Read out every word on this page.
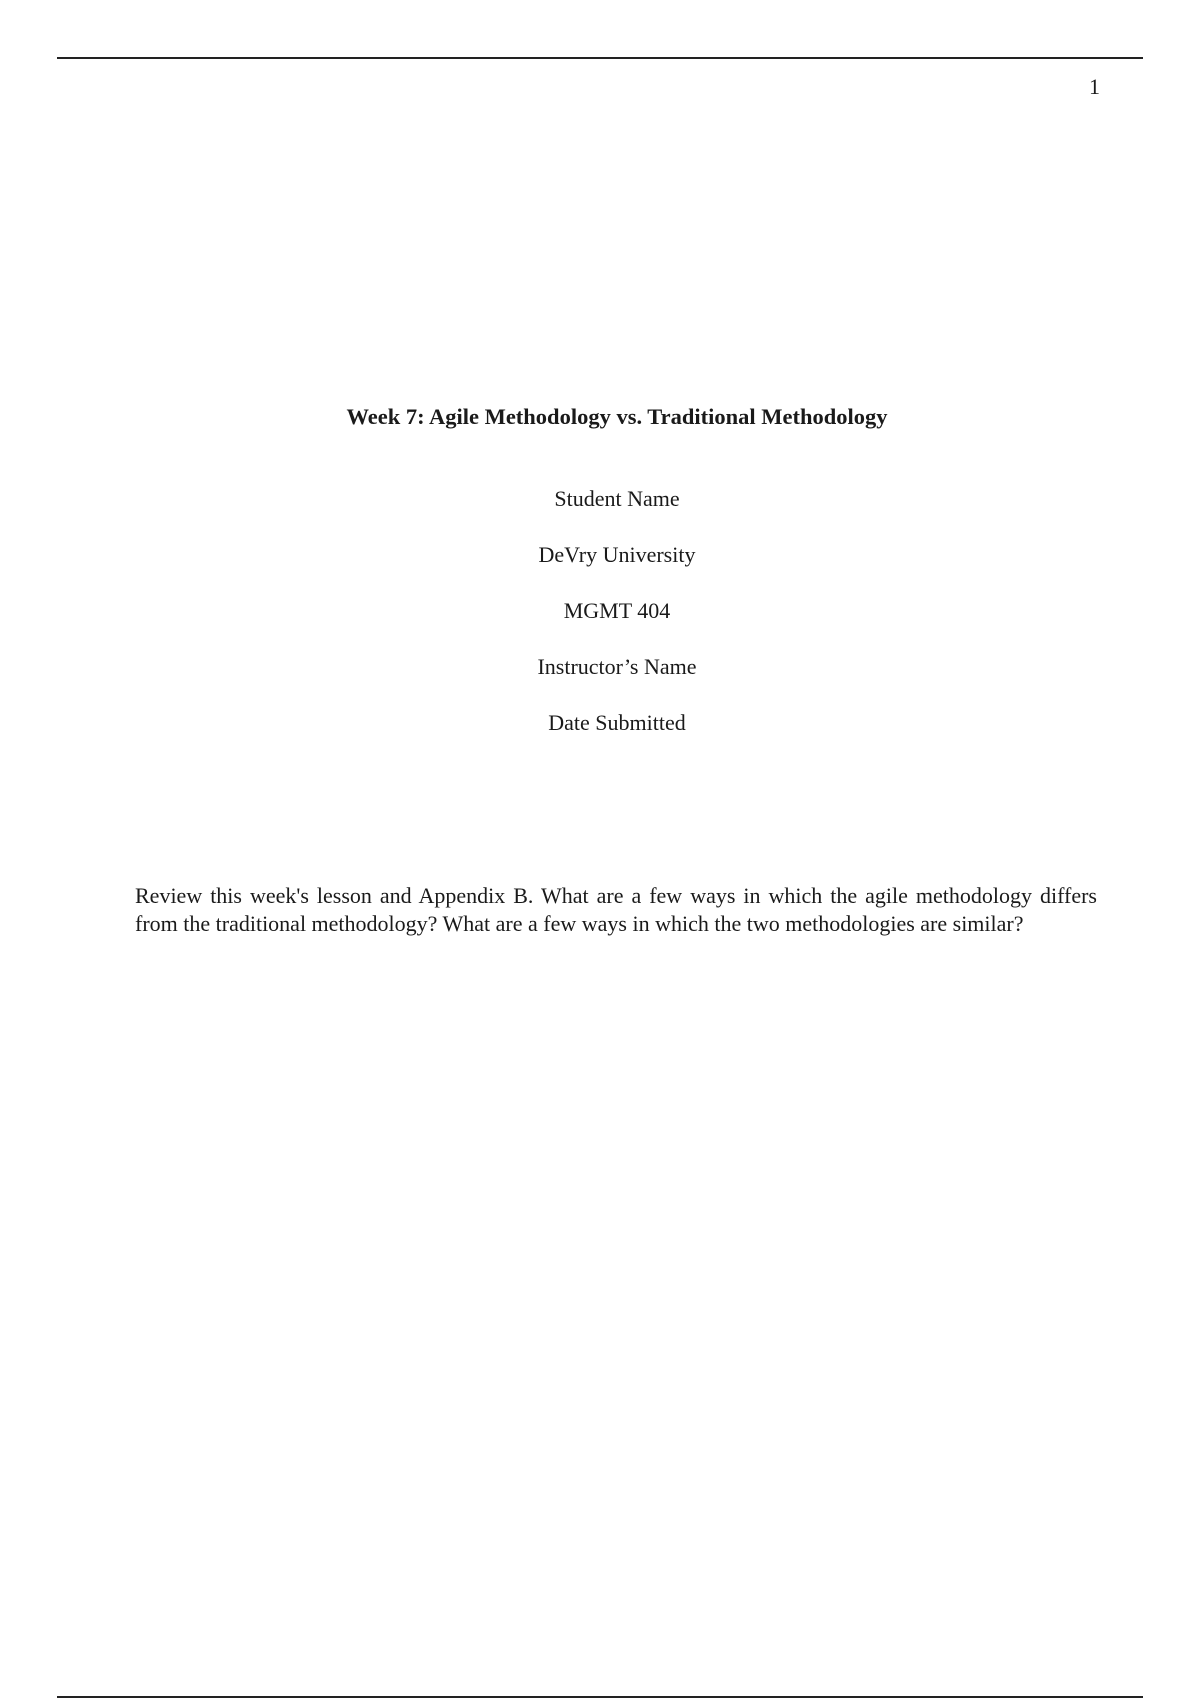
1
Week 7: Agile Methodology vs. Traditional Methodology
Student Name
DeVry University
MGMT 404
Instructor’s Name
Date Submitted

Review this week's lesson and Appendix B. What are a few ways in which the agile methodology differs from the traditional methodology? What are a few ways in which the two methodologies are similar?
